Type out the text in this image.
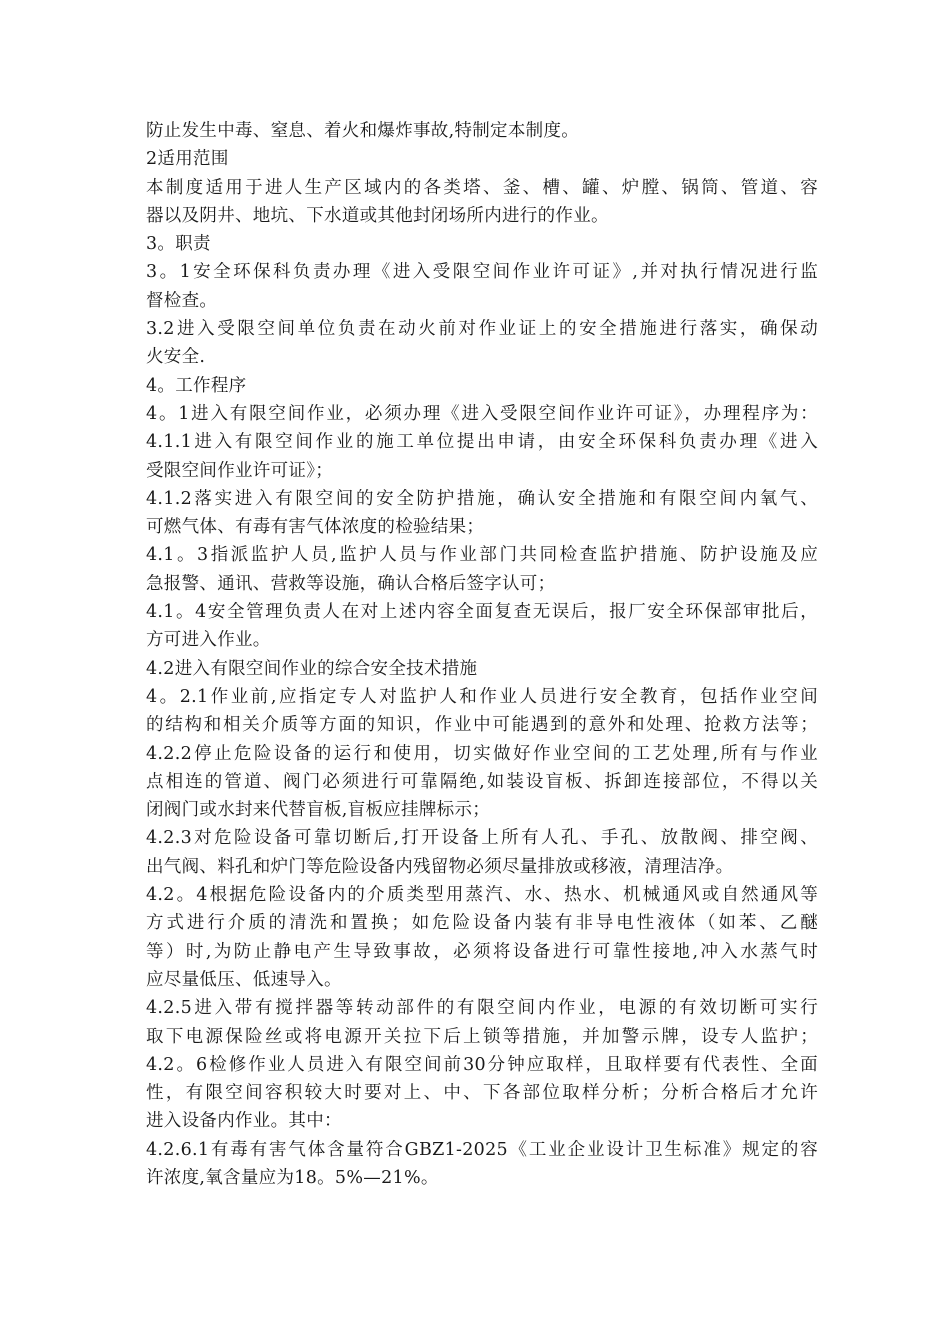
防止发生中毒、窒息、着火和爆炸事故,特制定本制度。
2适用范围
本制度适用于进人生产区域内的各类塔、釜、槽、罐、炉膛、锅筒、管道、容
器以及阴井、地坑、下水道或其他封闭场所内进行的作业。
3。职责
3。1安全环保科负责办理《进入受限空间作业许可证》,并对执行情况进行监
督检查。
3.2进入受限空间单位负责在动火前对作业证上的安全措施进行落实，确保动
火安全.
4。工作程序
4。1进入有限空间作业，必须办理《进入受限空间作业许可证》，办理程序为：
4.1.1进入有限空间作业的施工单位提出申请，由安全环保科负责办理《进入
受限空间作业许可证》；
4.1.2落实进入有限空间的安全防护措施，确认安全措施和有限空间内氧气、
可燃气体、有毒有害气体浓度的检验结果；
4.1。3指派监护人员,监护人员与作业部门共同检查监护措施、防护设施及应
急报警、通讯、营救等设施，确认合格后签字认可；
4.1。4安全管理负责人在对上述内容全面复查无误后，报厂安全环保部审批后，
方可进入作业。
4.2进入有限空间作业的综合安全技术措施
4。2.1作业前,应指定专人对监护人和作业人员进行安全教育，包括作业空间
的结构和相关介质等方面的知识，作业中可能遇到的意外和处理、抢救方法等；
4.2.2停止危险设备的运行和使用，切实做好作业空间的工艺处理,所有与作业
点相连的管道、阀门必须进行可靠隔绝,如装设盲板、拆卸连接部位，不得以关
闭阀门或水封来代替盲板,盲板应挂牌标示；
4.2.3对危险设备可靠切断后,打开设备上所有人孔、手孔、放散阀、排空阀、
出气阀、料孔和炉门等危险设备内残留物必须尽量排放或移液，清理洁净。
4.2。4根据危险设备内的介质类型用蒸汽、水、热水、机械通风或自然通风等
方式进行介质的清洗和置换；如危险设备内装有非导电性液体（如苯、乙醚
等）时,为防止静电产生导致事故，必须将设备进行可靠性接地,冲入水蒸气时
应尽量低压、低速导入。
4.2.5进入带有搅拌器等转动部件的有限空间内作业，电源的有效切断可实行
取下电源保险丝或将电源开关拉下后上锁等措施，并加警示牌，设专人监护；
4.2。6检修作业人员进入有限空间前30分钟应取样，且取样要有代表性、全面
性，有限空间容积较大时要对上、中、下各部位取样分析；分析合格后才允许
进入设备内作业。其中：
4.2.6.1有毒有害气体含量符合GBZ1-2025《工业企业设计卫生标准》规定的容
许浓度,氧含量应为18。5%—21%。
